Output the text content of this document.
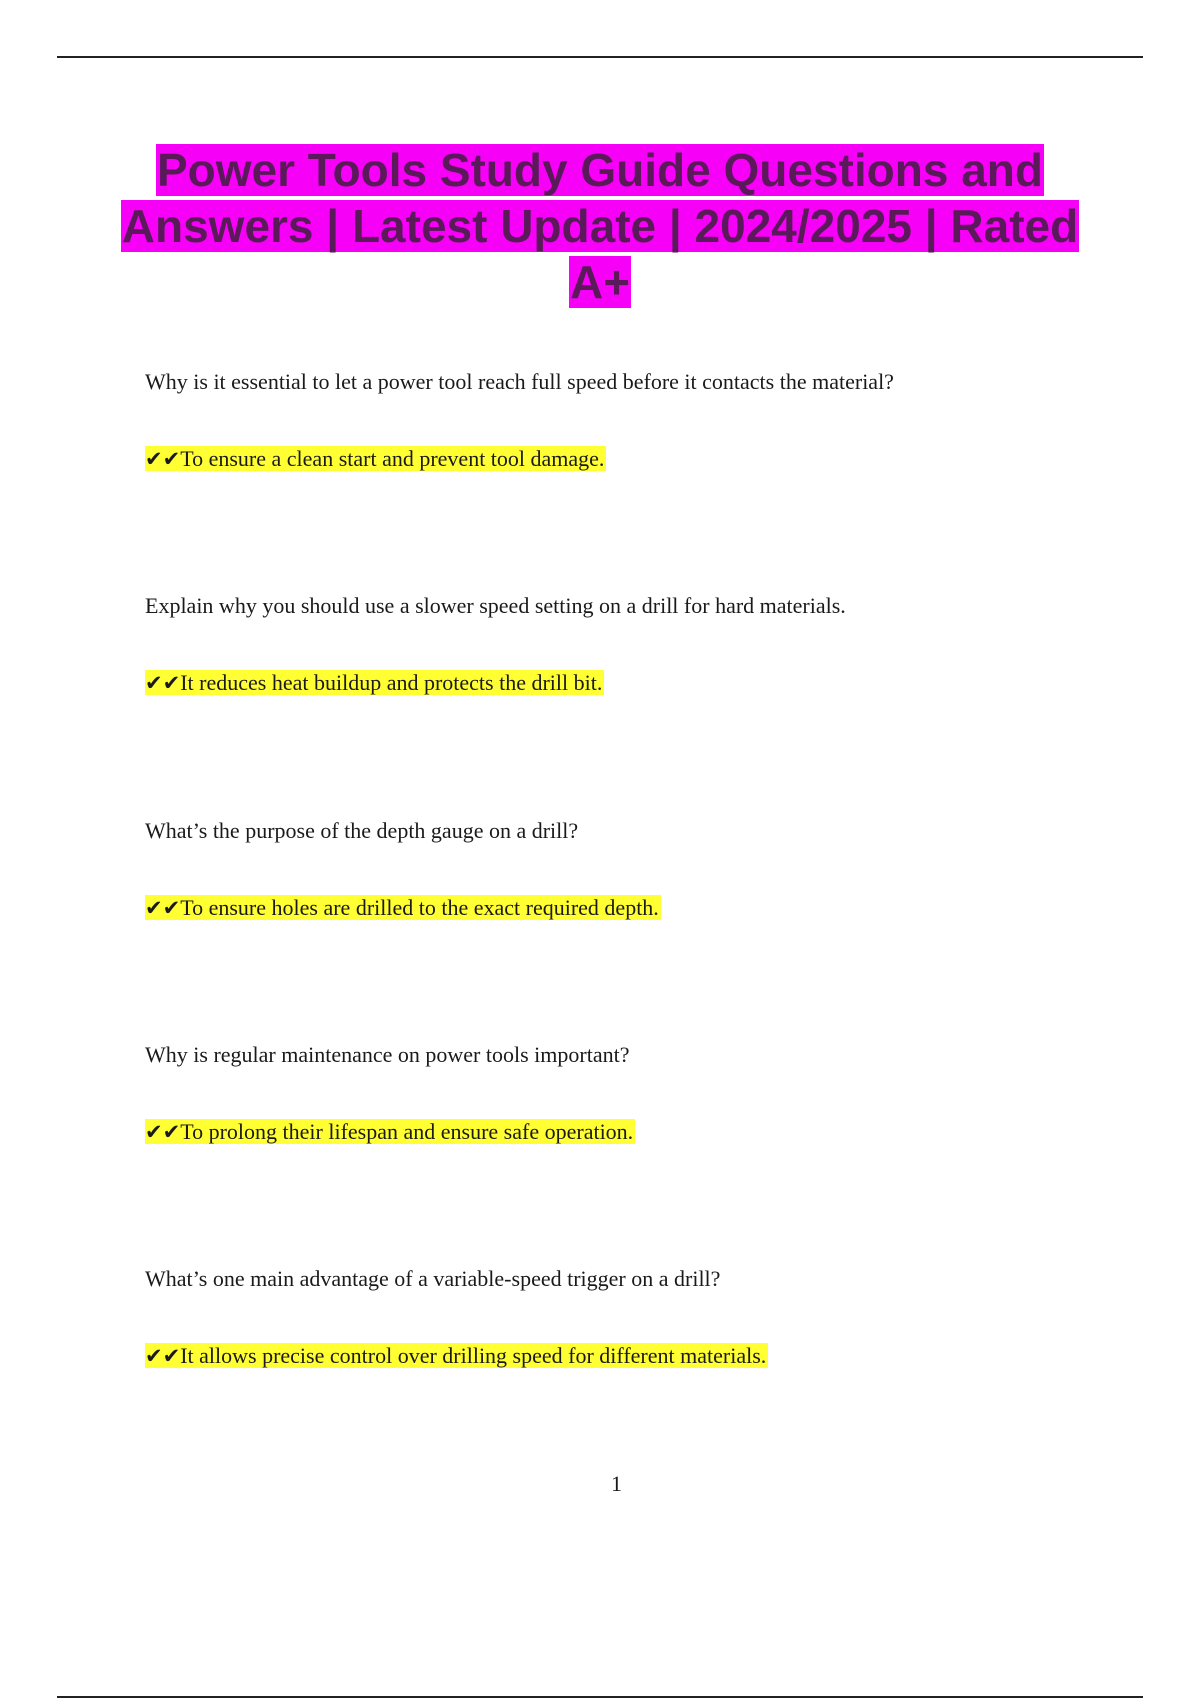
Power Tools Study Guide Questions and Answers | Latest Update | 2024/2025 | Rated A+

Why is it essential to let a power tool reach full speed before it contacts the material?

✔✔To ensure a clean start and prevent tool damage.

Explain why you should use a slower speed setting on a drill for hard materials.

✔✔It reduces heat buildup and protects the drill bit.

What’s the purpose of the depth gauge on a drill?

✔✔To ensure holes are drilled to the exact required depth.

Why is regular maintenance on power tools important?

✔✔To prolong their lifespan and ensure safe operation.

What’s one main advantage of a variable-speed trigger on a drill?

✔✔It allows precise control over drilling speed for different materials.

1
